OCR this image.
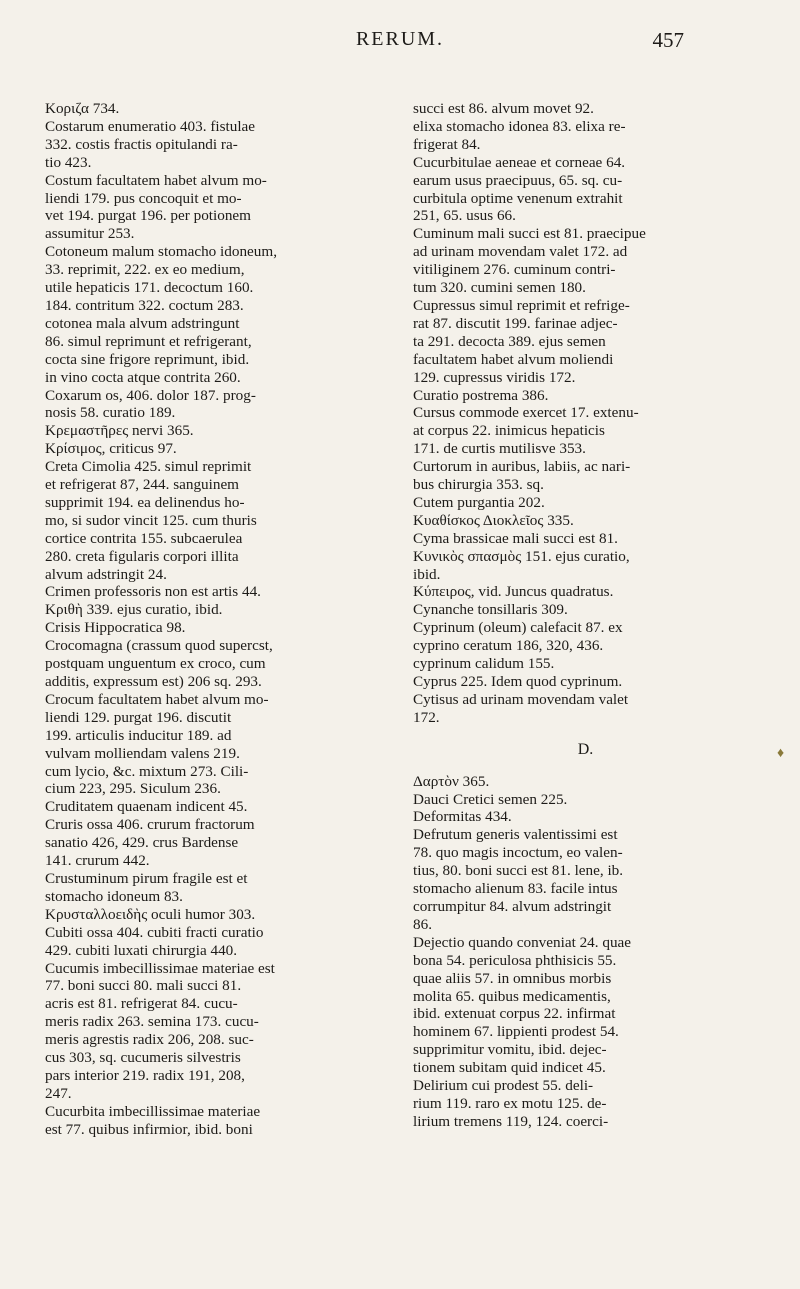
RERUM.	457
Κοριζα 734.
Costarum enumeratio 403. fistulae
332. costis fractis opitulandi ra-
tio 423.
Costum facultatem habet alvum mo-
liendi 179. pus concoquit et mo-
vet 194. purgat 196. per potionem
assumitur 253.
Cotoneum malum stomacho idoneum,
33. reprimit, 222. ex eo medium,
utile hepaticis 171. decoctum 160.
184. contritum 322. coctum 283.
cotonea mala alvum adstringunt
86. simul reprimunt et refrigerant,
cocta sine frigore reprimunt, ibid.
in vino cocta atque contrita 260.
Coxarum os, 406. dolor 187. prog-
nosis 58. curatio 189.
Κρεμαστῆρες nervi 365.
Κρίσιμος, criticus 97.
Creta Cimolia 425. simul reprimit
et refrigerat 87, 244. sanguinem
supprimit 194. ea delinendus ho-
mo, si sudor vincit 125. cum thuris
cortice contrita 155. subcaerulea
280. creta figularis corpori illita
alvum adstringit 24.
Crimen professoris non est artis 44.
Κριθὴ 339. ejus curatio, ibid.
Crisis Hippocratica 98.
Crocomagna (crassum quod supercst,
postquam unguentum ex croco, cum
additis, expressum est) 206 sq. 293.
Crocum facultatem habet alvum mo-
liendi 129. purgat 196. discutit
199. articulis inducitur 189. ad
vulvam molliendam valens 219.
cum lycio, &c. mixtum 273. Cili-
cium 223, 295. Siculum 236.
Cruditatem quaenam indicent 45.
Cruris ossa 406. crurum fractorum
sanatio 426, 429. crus Bardense
141. crurum 442.
Crustuminum pirum fragile est et
stomacho idoneum 83.
Κρυσταλλοειδὴς oculi humor 303.
Cubiti ossa 404. cubiti fracti curatio
429. cubiti luxati chirurgia 440.
Cucumis imbecillissimae materiae est
77. boni succi 80. mali succi 81.
acris est 81. refrigerat 84. cucu-
meris radix 263. semina 173. cucu-
meris agrestis radix 206, 208. suc-
cus 303, sq. cucumeris silvestris
pars interior 219. radix 191, 208,
247.
Cucurbita imbecillissimae materiae
est 77. quibus infirmior, ibid. boni
succi est 86. alvum movet 92.
elixa stomacho idonea 83. elixa re-
frigerat 84.
Cucurbitulae aeneae et corneae 64.
earum usus praecipuus, 65. sq. cu-
curbitula optime venenum extrahit
251, 65. usus 66.
Cuminum mali succi est 81. praecipue
ad urinam movendam valet 172. ad
vitiliginem 276. cuminum contri-
tum 320. cumini semen 180.
Cupressus simul reprimit et refrige-
rat 87. discutit 199. farinae adjec-
ta 291. decocta 389. ejus semen
facultatem habet alvum moliendi
129. cupressus viridis 172.
Curatio postrema 386.
Cursus commode exercet 17. extenu-
at corpus 22. inimicus hepaticis
171. de curtis mutilisve 353.
Curtorum in auribus, labiis, ac nari-
bus chirurgia 353. sq.
Cutem purgantia 202.
Κυαθίσκος Διοκλεῖος 335.
Cyma brassicae mali succi est 81.
Κυνικὸς σπασμὸς 151. ejus curatio,
ibid.
Κύπειρος, vid. Juncus quadratus.
Cynanche tonsillaris 309.
Cyprinum (oleum) calefacit 87. ex
cyprino ceratum 186, 320, 436.
cyprinum calidum 155.
Cyprus 225. Idem quod cyprinum.
Cytisus ad urinam movendam valet
172.
D.
Δαρτὸν 365.
Dauci Cretici semen 225.
Deformitas 434.
Defrutum generis valentissimi est
78. quo magis incoctum, eo valen-
tius, 80. boni succi est 81. lene, ib.
stomacho alienum 83. facile intus
corrumpitur 84. alvum adstringit
86.
Dejectio quando conveniat 24. quae
bona 54. periculosa phthisicis 55.
quae aliis 57. in omnibus morbis
molita 65. quibus medicamentis,
ibid. extenuat corpus 22. infirmat
hominem 67. lippienti prodest 54.
supprimitur vomitu, ibid. dejec-
tionem subitam quid indicet 45.
Delirium cui prodest 55. deli-
rium 119. raro ex motu 125. de-
lirium tremens 119, 124. coerci-
♦
